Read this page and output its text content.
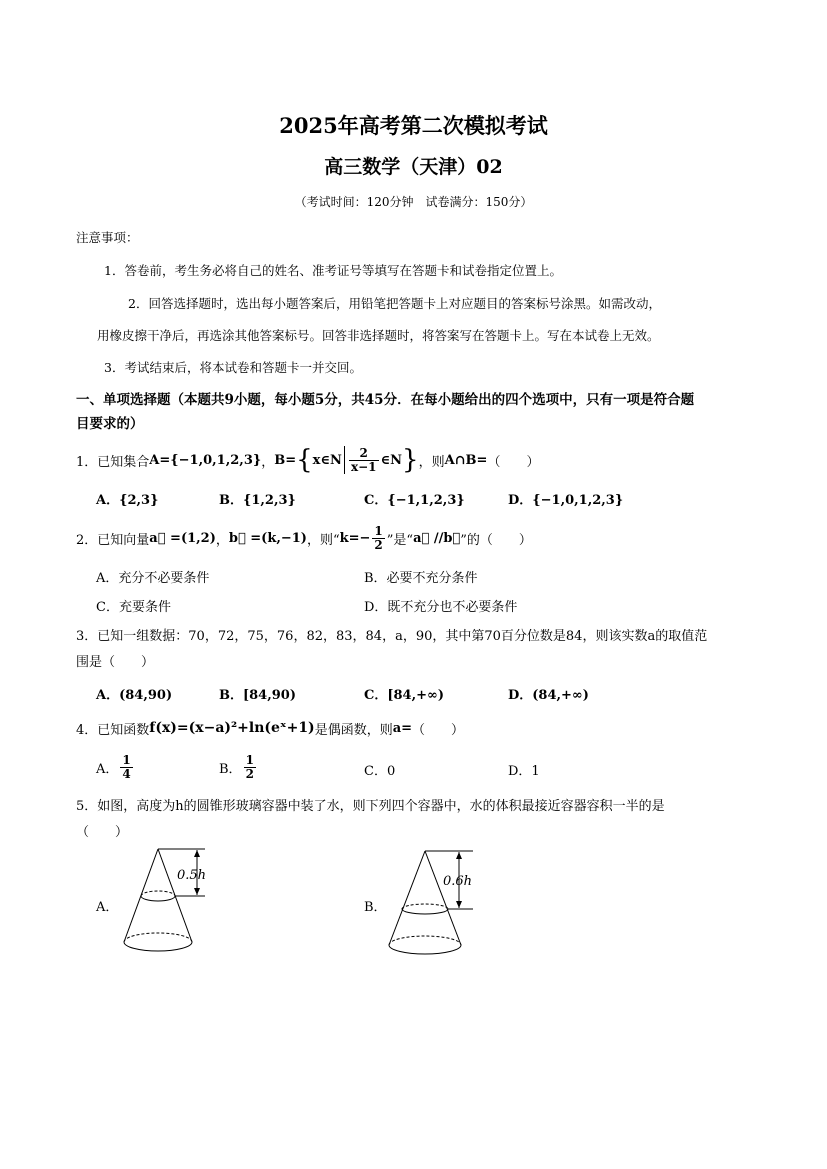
2025年高考第二次模拟考试
高三数学（天津）02
（考试时间：120分钟　试卷满分：150分）
注意事项：
1．答卷前，考生务必将自己的姓名、准考证号等填写在答题卡和试卷指定位置上。
2．回答选择题时，选出每小题答案后，用铅笔把答题卡上对应题目的答案标号涂黑。如需改动，
用橡皮擦干净后，再选涂其他答案标号。回答非选择题时，将答案写在答题卡上。写在本试卷上无效。
3．考试结束后，将本试卷和答题卡一并交回。
一、单项选择题（本题共9小题，每小题5分，共45分．在每小题给出的四个选项中，只有一项是符合题
目要求的）
1． 已知集合 A={−1,0,1,2,3} ， B= { x∈N $\frac{2}{x-1}$ ∈N } ，则 A∩B= （　　）
A．{2,3}	B．{1,2,3}	C．{−1,1,2,3}	D．{−1,0,1,2,3}
2． 已知向量 a⃗ =(1,2) ， b⃗ =(k,−1) ，则“ $k=- \frac{1}{2}$ ”是“ a⃗ //b⃗ ”的（　　）
A．充分不必要条件	B．必要不充分条件
C．充要条件	D．既不充分也不必要条件
3．已知一组数据：70，72，75，76，82，83，84，a，90，其中第70百分位数是84，则该实数a的取值范
围是（　　）
A．(84,90)	B．[84,90)	C．[84,+∞)	D．(84,+∞)
4． 已知函数 f(x)=(x−a)²+ln(eˣ+1) 是偶函数，则 a= （　　）
A． $\frac{1}{4}$	B． $\frac{1}{2}$	C．0	D．1
5．如图，高度为h的圆锥形玻璃容器中装了水，则下列四个容器中，水的体积最接近容器容积一半的是
（　　）
A．
0.5h
B．
0.6h
